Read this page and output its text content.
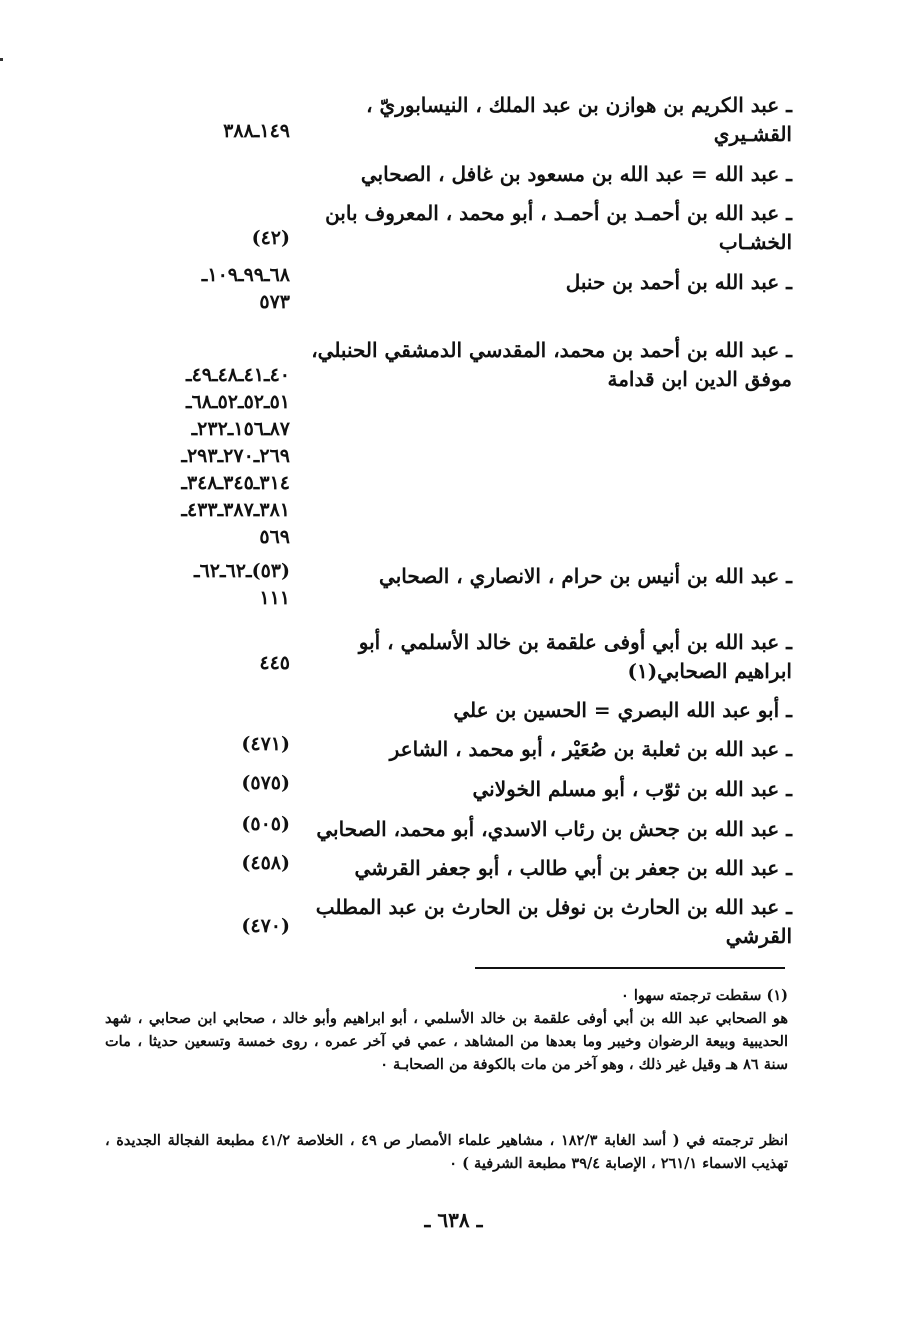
ـ عبد الكريم بن هوازن بن عبد الملك ، النيسابوريّ ، القشـيري
١٤٩ـ٣٨٨
ـ عبد الله = عبد الله بن مسعود بن غافل ، الصحابي
ـ عبد الله بن أحمـد بن أحمـد ، أبو محمد ، المعروف بابن الخشـاب
(٤٢)
ـ عبد الله بن أحمد بن حنبل
٦٨ـ٩٩ـ١٠٩ـ
٥٧٣
ـ عبد الله بن أحمد بن محمد، المقدسي الدمشقي الحنبلي، موفق الدين ابن قدامة
٤٠ـ٤١ـ٤٨ـ٤٩ـ
٥١ـ٥٢ـ٥٢ـ٦٨ـ
٨٧ـ١٥٦ـ٢٣٢ـ
٢٦٩ـ٢٧٠ـ٢٩٣ـ
٣١٤ـ٣٤٥ـ٣٤٨ـ
٣٨١ـ٣٨٧ـ٤٣٣ـ
٥٦٩
ـ عبد الله بن أنيس بن حرام ، الانصاري ، الصحابي
(٥٣)ـ٦٢ـ٦٢ـ
١١١
ـ عبد الله بن أبي أوفى علقمة بن خالد الأسلمي ، أبو ابراهيم الصحابي(١)
٤٤٥
ـ أبو عبد الله البصري = الحسين بن علي
ـ عبد الله بن ثعلبة بن صُعَيْر ، أبو محمد ، الشاعر
(٤٧١)
ـ عبد الله بن ثوّب ، أبو مسلم الخولاني
(٥٧٥)
ـ عبد الله بن جحش بن رئاب الاسدي، أبو محمد، الصحابي
(٥٠٥)
ـ عبد الله بن جعفر بن أبي طالب ، أبو جعفر القرشي
(٤٥٨)
ـ عبد الله بن الحارث بن نوفل بن الحارث بن عبد المطلب القرشي
(٤٧٠)
(١) سقطت ترجمته سهوا ٠
هو الصحابي عبد الله بن أبي أوفى علقمة بن خالد الأسلمي ، أبو ابراهيم وأبو خالد ، صحابي ابن صحابي ، شهد الحديبية وبيعة الرضوان وخيبر وما بعدها من المشاهد ، عمي في آخر عمره ، روى خمسة وتسعين حديثا ، مات سنة ٨٦ هـ وقيل غير ذلك ، وهو آخر من مات بالكوفة من الصحابـة ٠
انظر ترجمته في ( أسد الغابة ١٨٢/٣ ، مشاهير علماء الأمصار ص ٤٩ ، الخلاصة ٤١/٢ مطبعة الفجالة الجديدة ، تهذيب الاسماء ٢٦١/١ ، الإصابة ٣٩/٤ مطبعة الشرفية ) ٠
ـ ٦٣٨ ـ
